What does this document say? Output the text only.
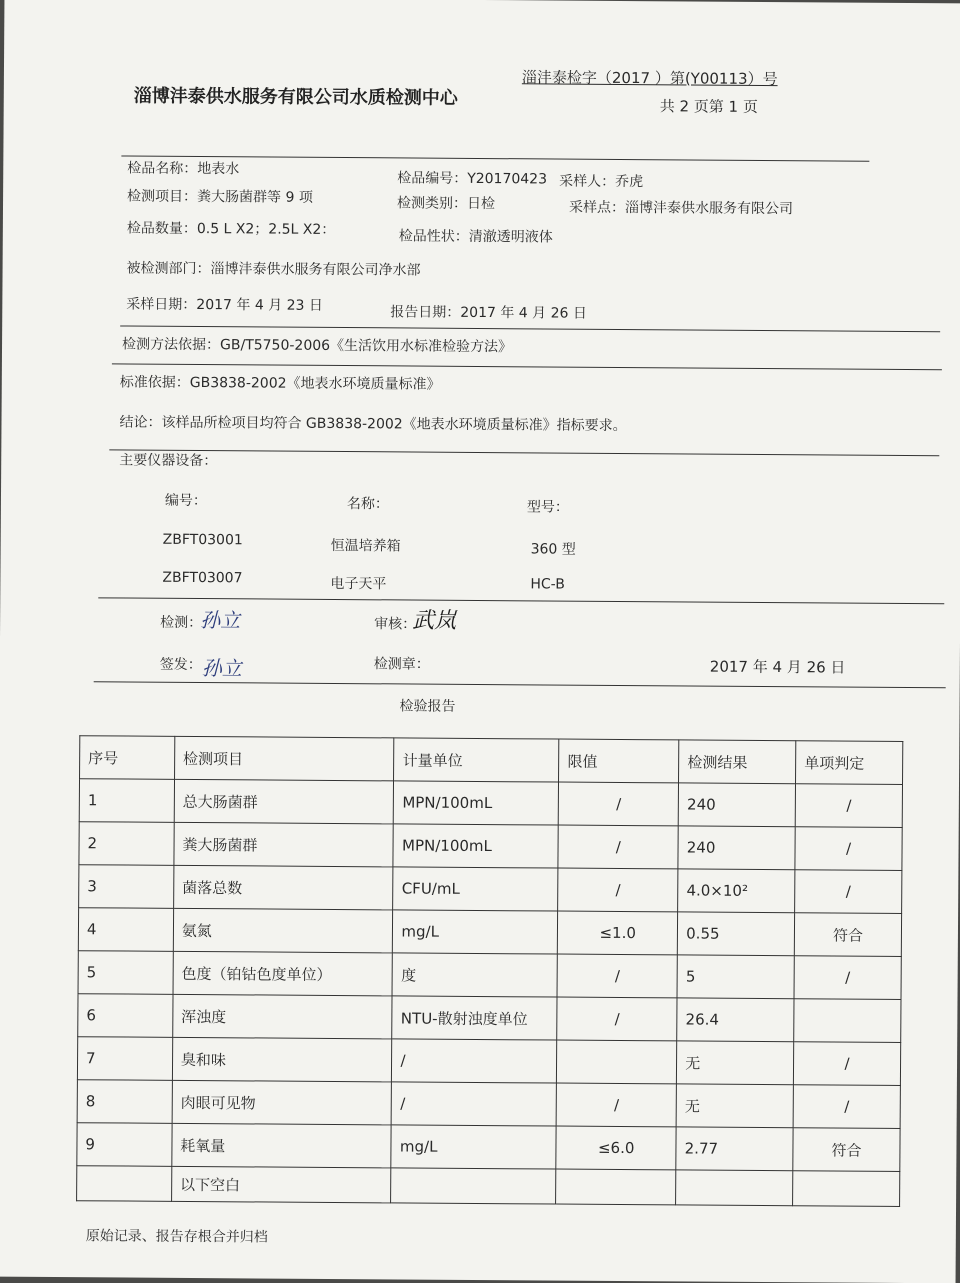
淄沣泰检字（2017 ）第(Y00113）号
淄博沣泰供水服务有限公司水质检测中心	共 2 页第 1 页
检品名称：地表水
检品编号：Y20170423 采样人：乔虎
检测项目：粪大肠菌群等 9 项	检测类别：日检	采样点：淄博沣泰供水服务有限公司
检品数量：0.5 L X2；2.5L X2：	检品性状：清澈透明液体
被检测部门：淄博沣泰供水服务有限公司净水部
采样日期：2017 年 4 月 23 日	报告日期：2017 年 4 月 26 日
检测方法依据：GB/T5750-2006《生活饮用水标准检验方法》
标准依据：GB3838-2002《地表水环境质量标准》
结论：该样品所检项目均符合 GB3838-2002《地表水环境质量标准》指标要求。
主要仪器设备：
编号：	名称：	型号：
ZBFT03001	恒温培养箱	360 型
ZBFT03007	电子天平	HC-B
检测：
孙立	审核：
武岚
签发： 孙立	检测章：	2017 年 4 月 26 日
检验报告
序号	检测项目	计量单位	限值	检测结果	单项判定
1	总大肠菌群	MPN/100mL	/	240	/
2	粪大肠菌群	MPN/100mL	/	240	/
3	菌落总数	CFU/mL	/	4.0×10²	/
4	氨氮	mg/L	≤1.0	0.55	符合
5	色度（铂钴色度单位）	度	/	5	/
6	浑浊度	NTU-散射浊度单位	/	26.4	
7	臭和味	/		无	/
8	肉眼可见物	/	/	无	/
9	耗氧量	mg/L	≤6.0	2.77	符合
	以下空白				
原始记录、报告存根合并归档
